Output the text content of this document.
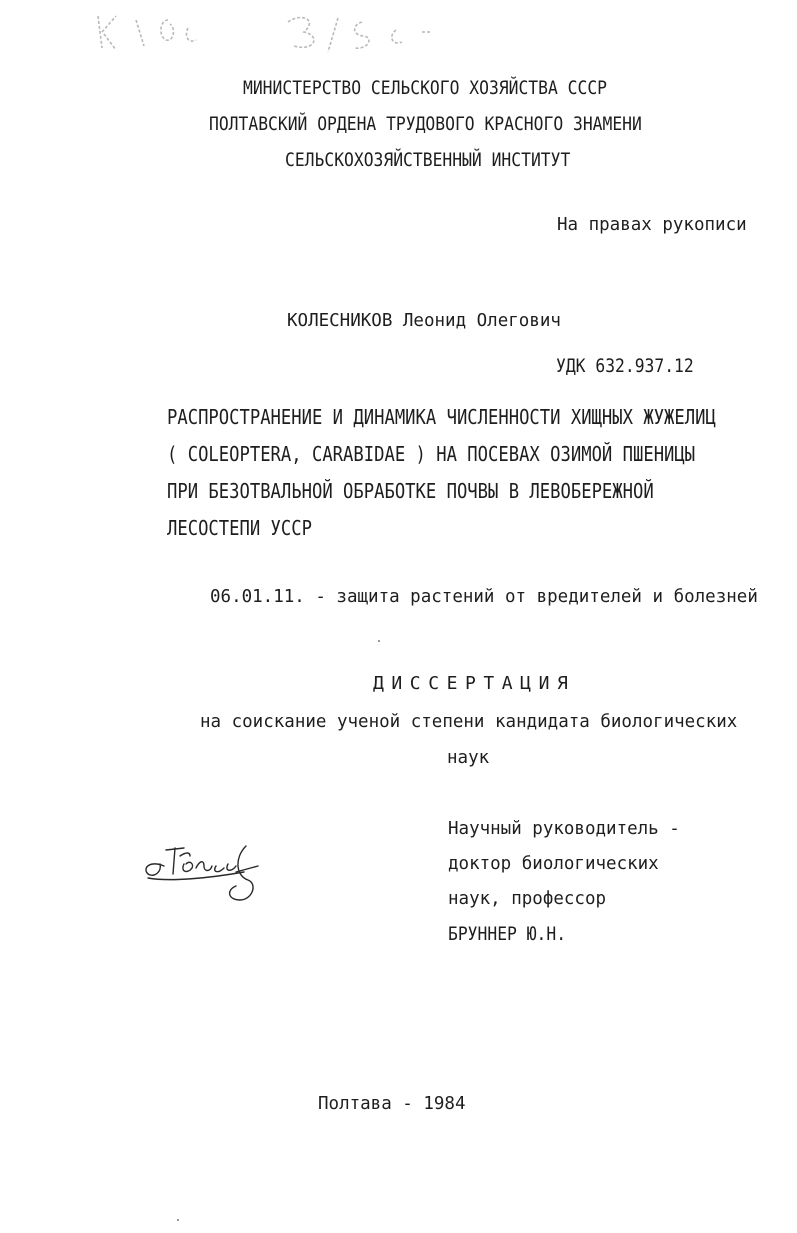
МИНИСТЕРСТВО СЕЛЬСКОГО ХОЗЯЙСТВА СССР
ПОЛТАВСКИЙ ОРДЕНА ТРУДОВОГО КРАСНОГО ЗНАМЕНИ
СЕЛЬСКОХОЗЯЙСТВЕННЫЙ ИНСТИТУТ
На правах рукописи
КОЛЕСНИКОВ Леонид Олегович
УДК 632.937.12
РАСПРОСТРАНЕНИЕ И ДИНАМИКА ЧИСЛЕННОСТИ ХИЩНЫХ ЖУЖЕЛИЦ
( COLEOPTERA, CARABIDAE ) НА ПОСЕВАХ ОЗИМОЙ ПШЕНИЦЫ
ПРИ БЕЗОТВАЛЬНОЙ ОБРАБОТКЕ ПОЧВЫ В ЛЕВОБЕРЕЖНОЙ
ЛЕСОСТЕПИ УССР
06.01.11. - защита растений от вредителей и болезней
ДИССЕРТАЦИЯ
на соискание ученой степени кандидата биологических
наук
Научный руководитель -
доктор биологических
наук, профессор
БРУННЕР Ю.Н.
Полтава - 1984
